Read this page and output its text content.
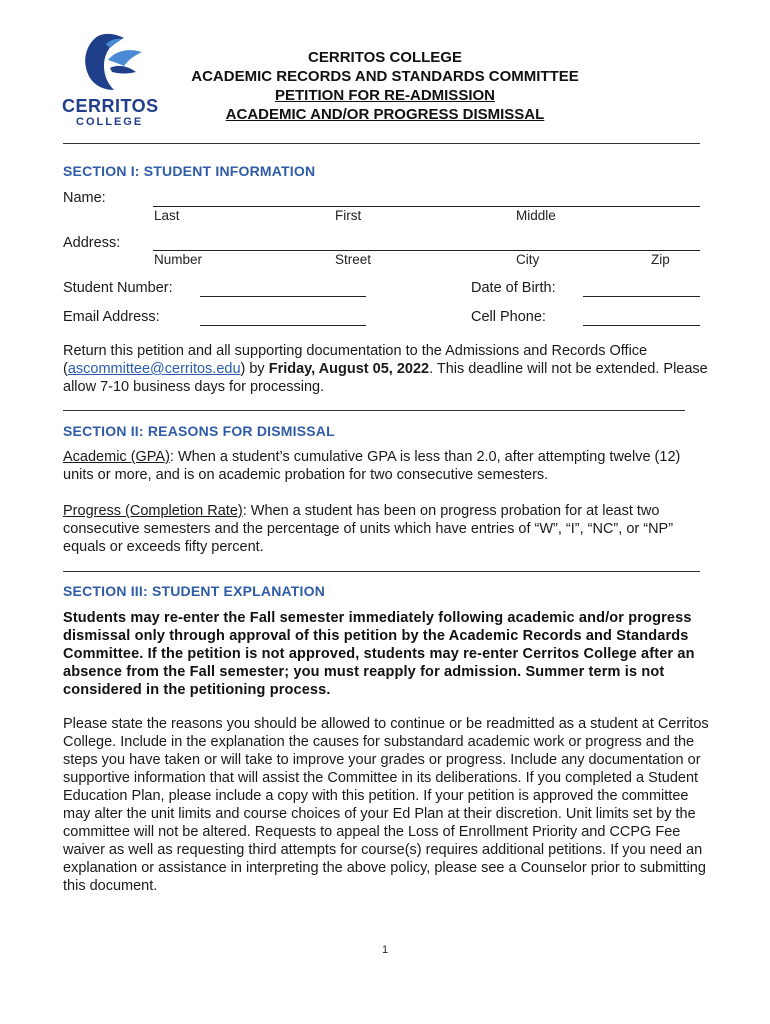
CERRITOS
COLLEGE
CERRITOS COLLEGE
ACADEMIC RECORDS AND STANDARDS COMMITTEE
PETITION FOR RE-ADMISSION
ACADEMIC AND/OR PROGRESS DISMISSAL
SECTION I: STUDENT INFORMATION
Name:
Last	First	Middle
Address:
Number	Street	City	Zip
Student Number:	Date of Birth:
Email Address:	Cell Phone:
Return this petition and all supporting documentation to the Admissions and Records Office (ascommittee@cerritos.edu) by Friday, August 05, 2022. This deadline will not be extended. Please allow 7-10 business days for processing.
SECTION II: REASONS FOR DISMISSAL
Academic (GPA): When a student’s cumulative GPA is less than 2.0, after attempting twelve (12) units or more, and is on academic probation for two consecutive semesters.
Progress (Completion Rate): When a student has been on progress probation for at least two consecutive semesters and the percentage of units which have entries of “W”, “I”, “NC”, or “NP” equals or exceeds fifty percent.
SECTION III: STUDENT EXPLANATION
Students may re-enter the Fall semester immediately following academic and/or progress dismissal only through approval of this petition by the Academic Records and Standards Committee. If the petition is not approved, students may re-enter Cerritos College after an absence from the Fall semester; you must reapply for admission. Summer term is not considered in the petitioning process.
Please state the reasons you should be allowed to continue or be readmitted as a student at Cerritos College. Include in the explanation the causes for substandard academic work or progress and the steps you have taken or will take to improve your grades or progress. Include any documentation or supportive information that will assist the Committee in its deliberations. If you completed a Student Education Plan, please include a copy with this petition. If your petition is approved the committee may alter the unit limits and course choices of your Ed Plan at their discretion. Unit limits set by the committee will not be altered. Requests to appeal the Loss of Enrollment Priority and CCPG Fee waiver as well as requesting third attempts for course(s) requires additional petitions. If you need an explanation or assistance in interpreting the above policy, please see a Counselor prior to submitting this document.
1
